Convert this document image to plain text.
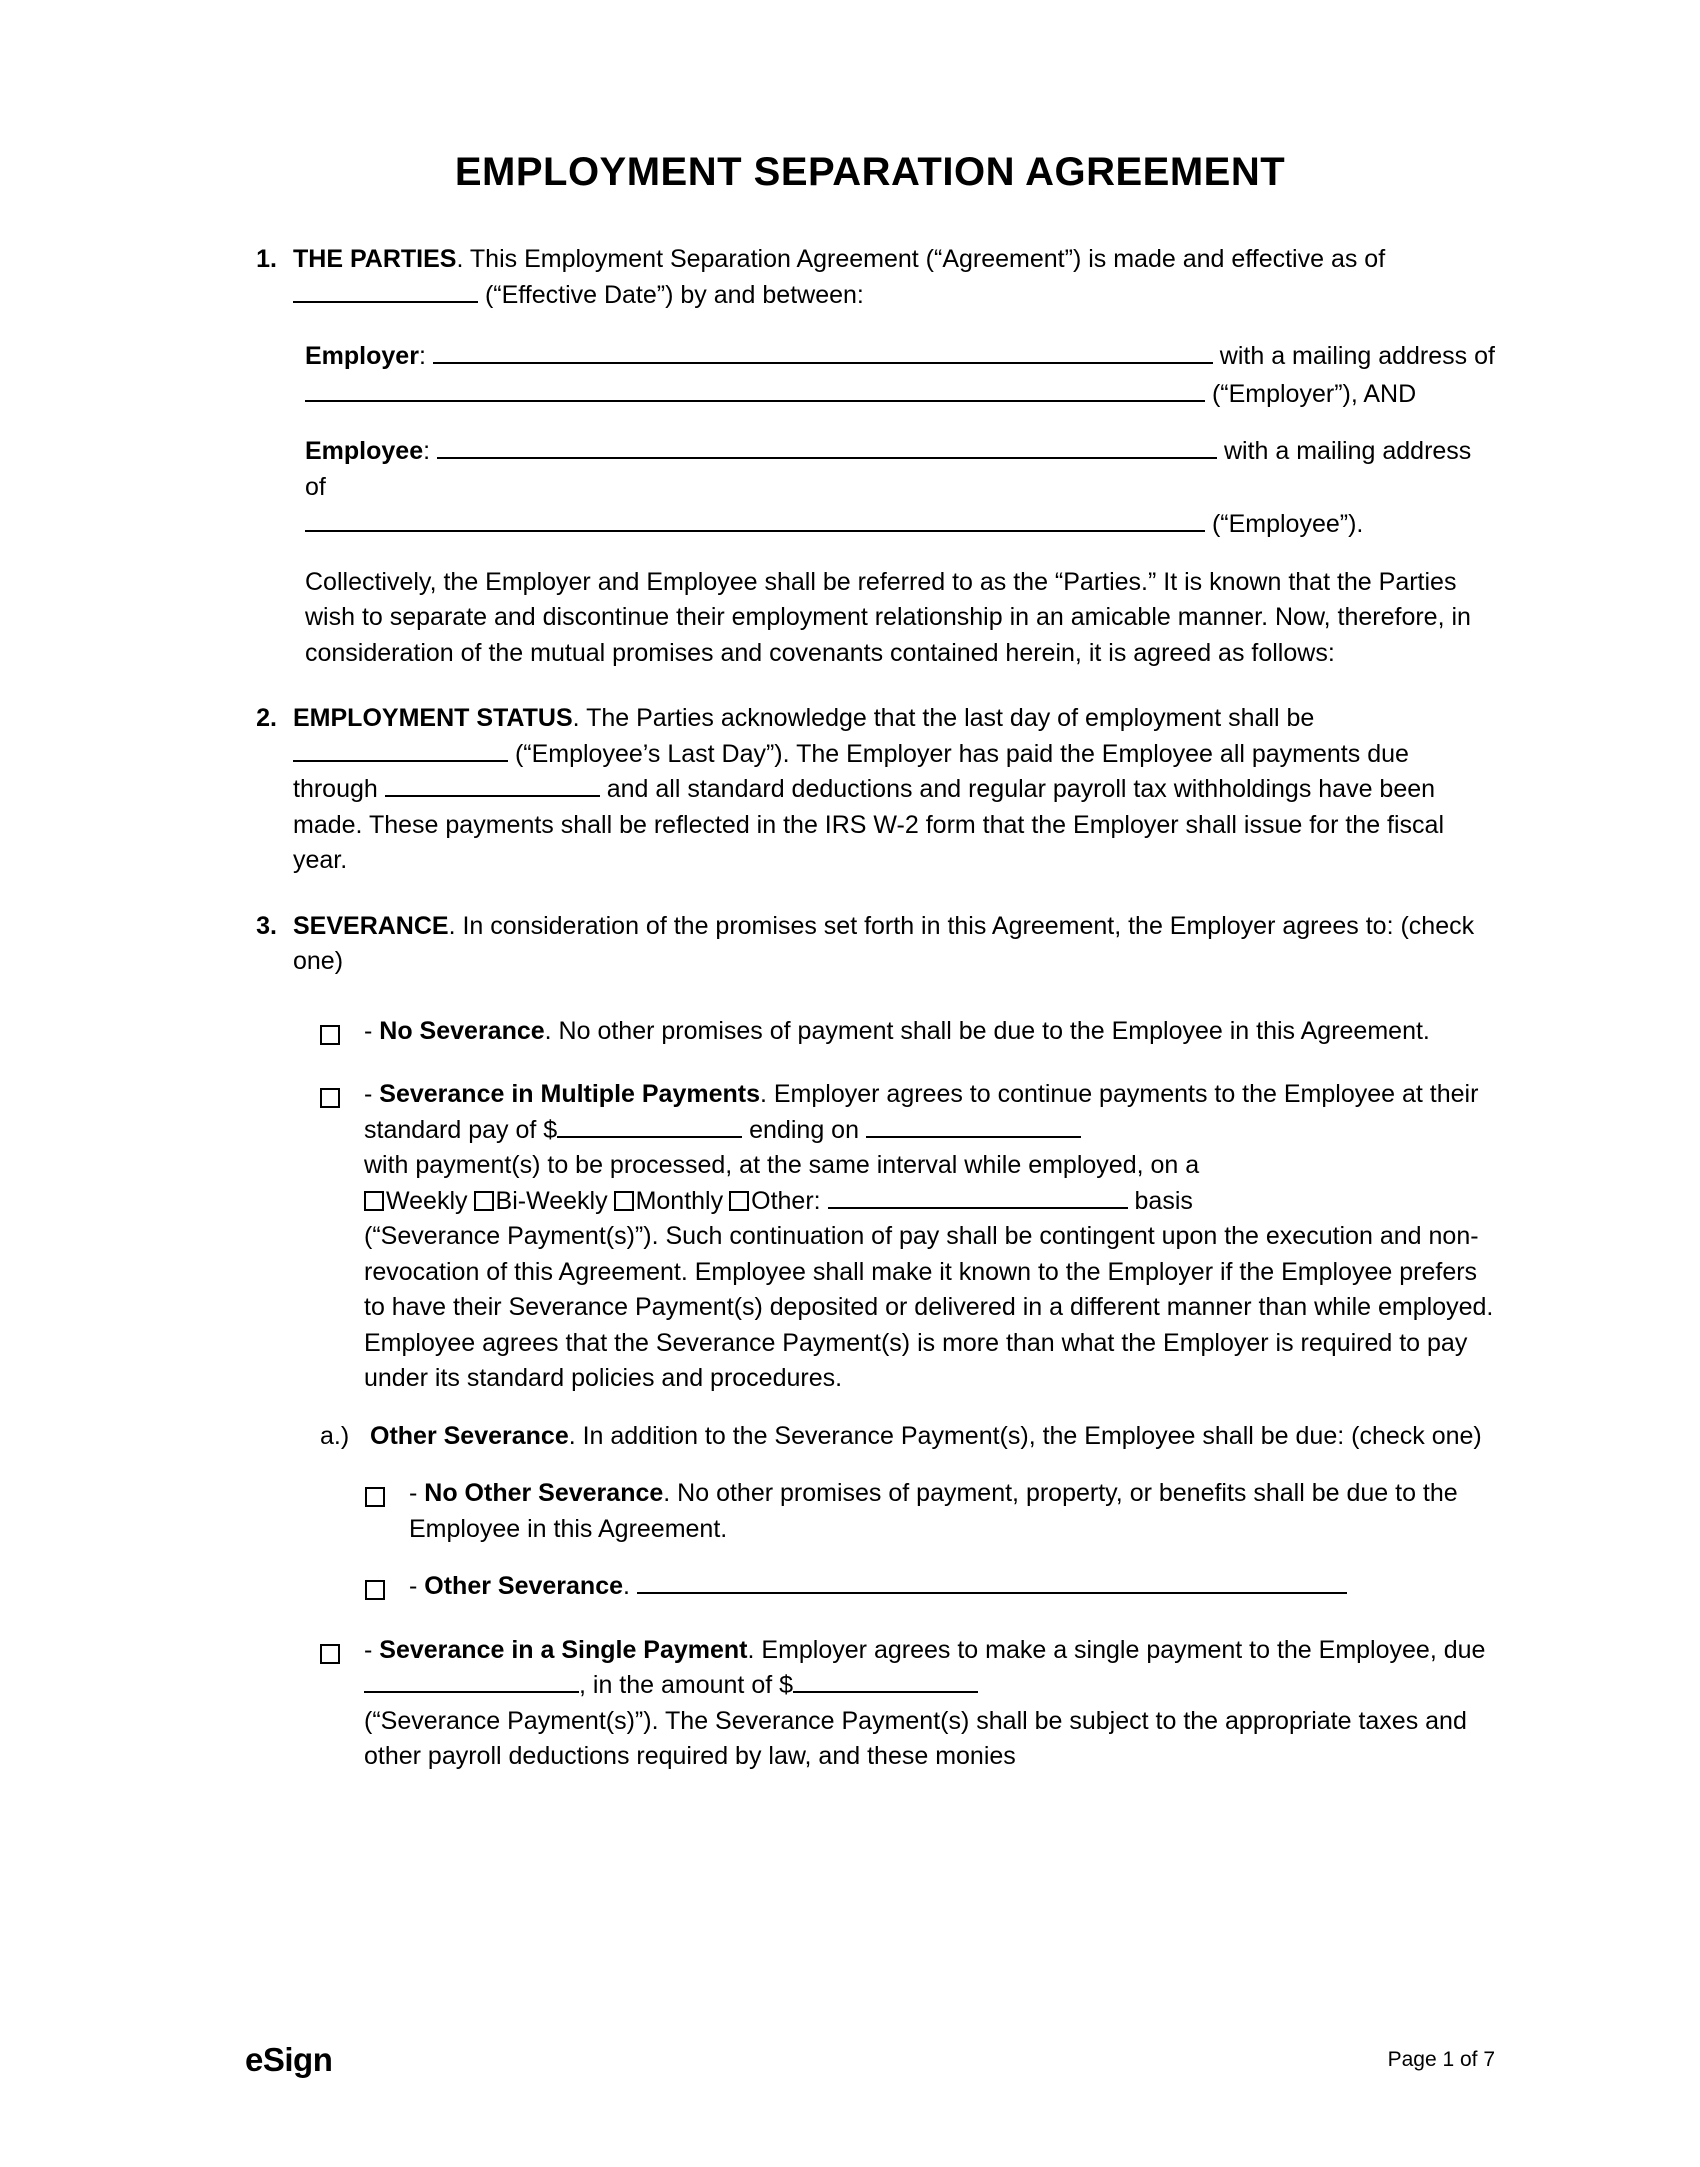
EMPLOYMENT SEPARATION AGREEMENT
1. THE PARTIES. This Employment Separation Agreement (“Agreement”) is made and effective as of  (“Effective Date”) by and between:
Employer:	with a mailing address of
(“Employer”), AND
Employee:	with a mailing address of
(“Employee”).
Collectively, the Employer and Employee shall be referred to as the “Parties.” It is known that the Parties wish to separate and discontinue their employment relationship in an amicable manner. Now, therefore, in consideration of the mutual promises and covenants contained herein, it is agreed as follows:
2. EMPLOYMENT STATUS. The Parties acknowledge that the last day of employment shall be  (“Employee’s Last Day”). The Employer has paid the Employee all payments due through	and all standard deductions and regular payroll tax withholdings have been made. These payments shall be reflected in the IRS W-2 form that the Employer shall issue for the fiscal year.
3. SEVERANCE. In consideration of the promises set forth in this Agreement, the Employer agrees to: (check one)
- No Severance. No other promises of payment shall be due to the Employee in this Agreement.
- Severance in Multiple Payments. Employer agrees to continue payments to the Employee at their standard pay of $	ending on
with payment(s) to be processed, at the same interval while employed, on a
Weekly Bi-Weekly Monthly Other:	basis
(“Severance Payment(s)”). Such continuation of pay shall be contingent upon the execution and non-revocation of this Agreement. Employee shall make it known to the Employer if the Employee prefers to have their Severance Payment(s) deposited or delivered in a different manner than while employed. Employee agrees that the Severance Payment(s) is more than what the Employer is required to pay under its standard policies and procedures.
a.) Other Severance. In addition to the Severance Payment(s), the Employee shall be due: (check one)
- No Other Severance. No other promises of payment, property, or benefits shall be due to the Employee in this Agreement.
- Other Severance.
- Severance in a Single Payment. Employer agrees to make a single payment to the Employee, due , in the amount of $
(“Severance Payment(s)”). The Severance Payment(s) shall be subject to the appropriate taxes and other payroll deductions required by law, and these monies
eSign	Page 1 of 7
